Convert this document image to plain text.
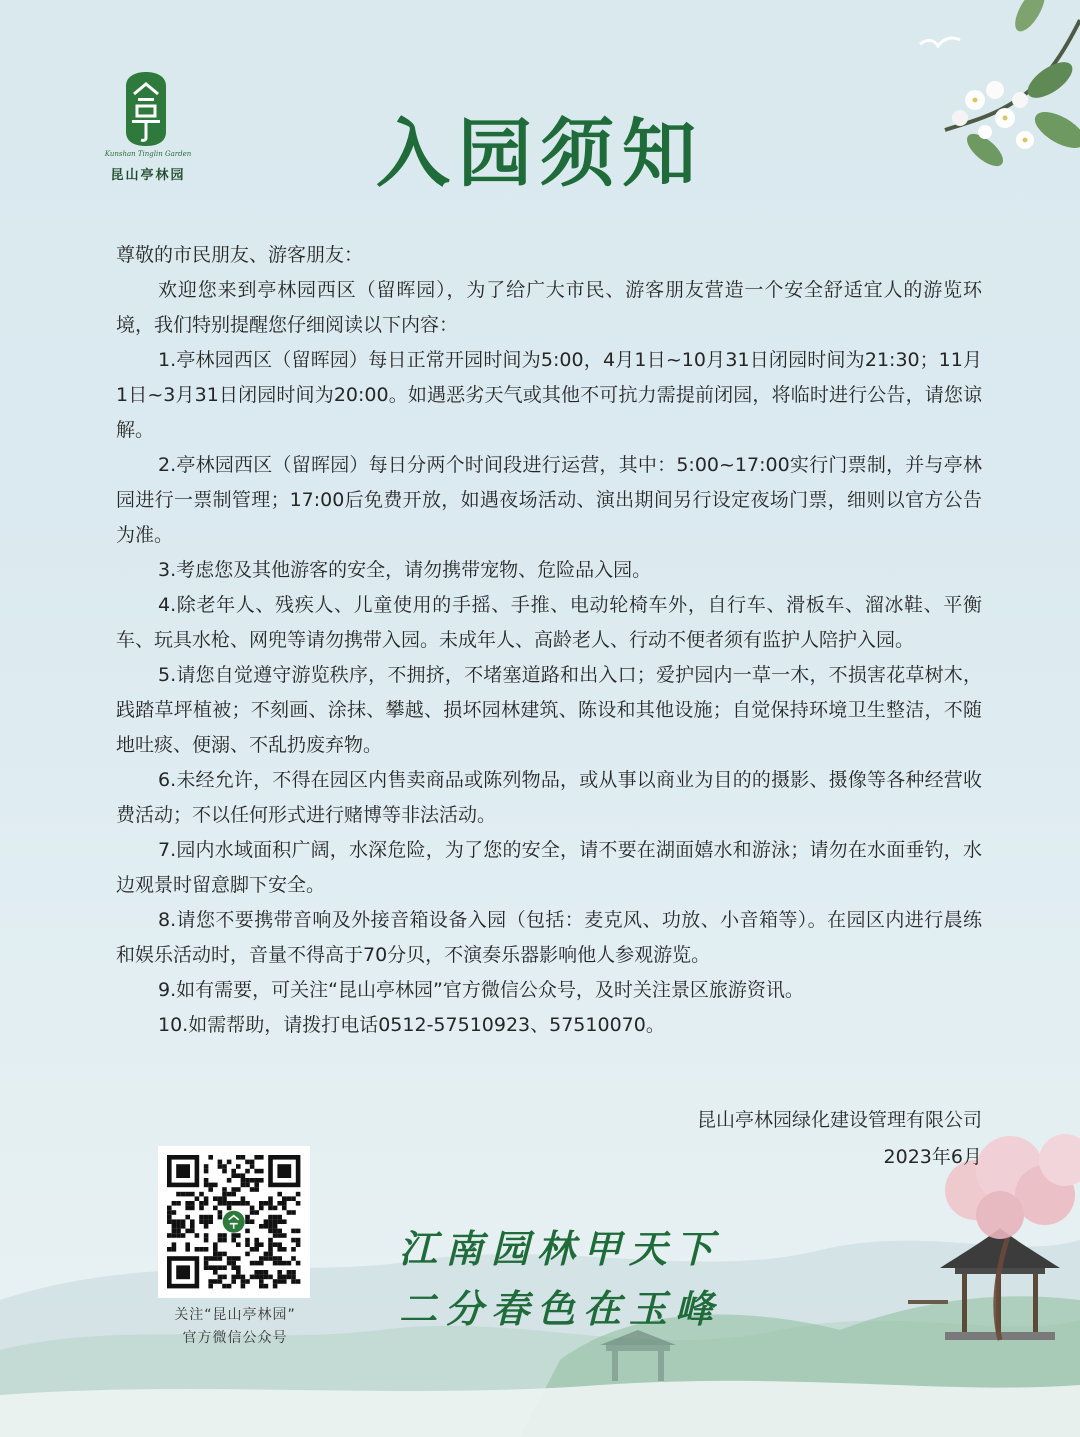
Kunshan Tinglin Garden
昆山亭林园	入园须知

尊敬的市民朋友、游客朋友：

欢迎您来到亭林园西区（留晖园），为了给广大市民、游客朋友营造一个安全舒适宜人的游览环境，我们特别提醒您仔细阅读以下内容：

1.亭林园西区（留晖园）每日正常开园时间为5:00，4月1日~10月31日闭园时间为21:30；11月1日~3月31日闭园时间为20:00。如遇恶劣天气或其他不可抗力需提前闭园，将临时进行公告，请您谅解。

2.亭林园西区（留晖园）每日分两个时间段进行运营，其中：5:00~17:00实行门票制，并与亭林园进行一票制管理；17:00后免费开放，如遇夜场活动、演出期间另行设定夜场门票，细则以官方公告为准。

3.考虑您及其他游客的安全，请勿携带宠物、危险品入园。

4.除老年人、残疾人、儿童使用的手摇、手推、电动轮椅车外，自行车、滑板车、溜冰鞋、平衡车、玩具水枪、网兜等请勿携带入园。未成年人、高龄老人、行动不便者须有监护人陪护入园。

5.请您自觉遵守游览秩序，不拥挤，不堵塞道路和出入口；爱护园内一草一木，不损害花草树木，践踏草坪植被；不刻画、涂抹、攀越、损坏园林建筑、陈设和其他设施；自觉保持环境卫生整洁，不随地吐痰、便溺、不乱扔废弃物。

6.未经允许，不得在园区内售卖商品或陈列物品，或从事以商业为目的的摄影、摄像等各种经营收费活动；不以任何形式进行赌博等非法活动。

7.园内水域面积广阔，水深危险，为了您的安全，请不要在湖面嬉水和游泳；请勿在水面垂钓，水边观景时留意脚下安全。

8.请您不要携带音响及外接音箱设备入园（包括：麦克风、功放、小音箱等）。在园区内进行晨练和娱乐活动时，音量不得高于70分贝，不演奏乐器影响他人参观游览。

9.如有需要，可关注“昆山亭林园”官方微信公众号，及时关注景区旅游资讯。

10.如需帮助，请拨打电话0512-57510923、57510070。

昆山亭林园绿化建设管理有限公司
2023年6月
关注“昆山亭林园”
官方微信公众号
江南园林甲天下
二分春色在玉峰
